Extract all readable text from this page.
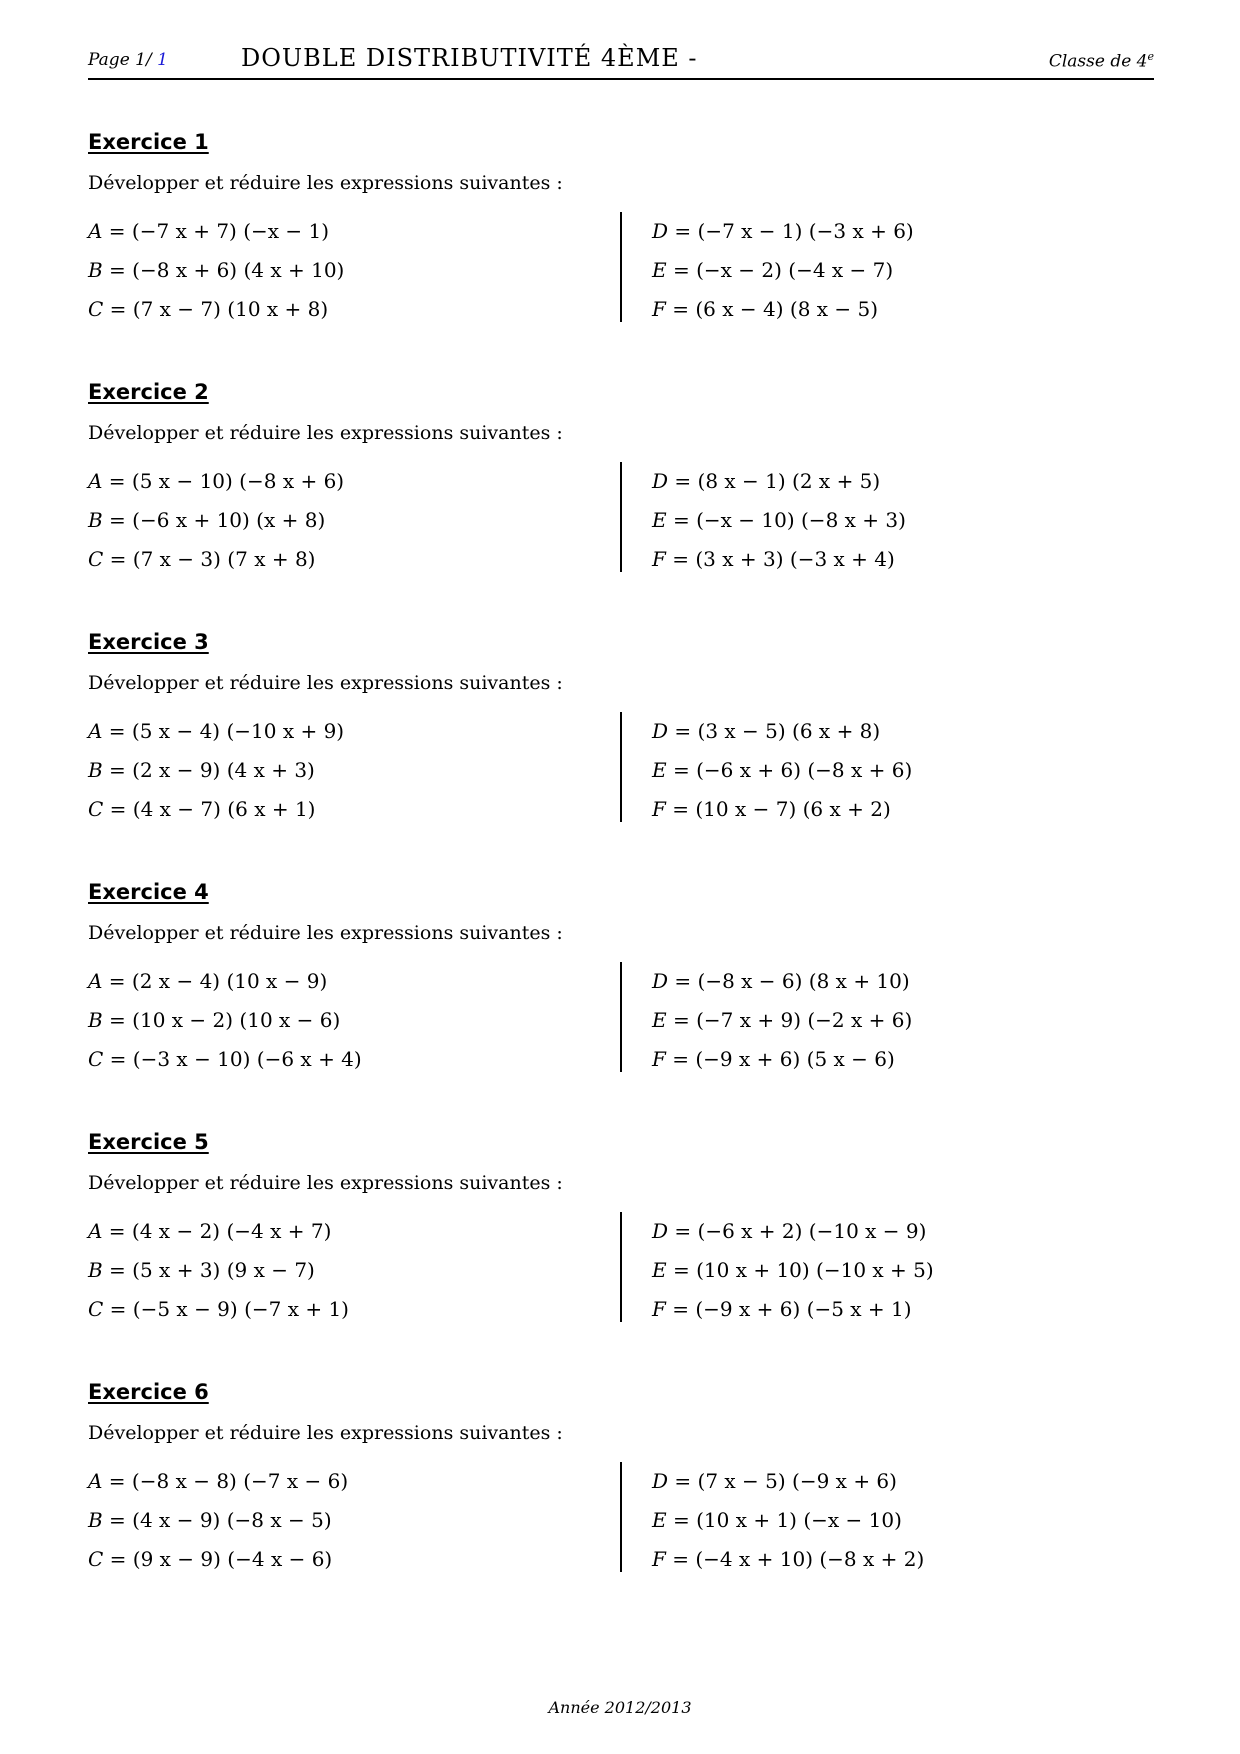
Page 1/ 1	DOUBLE DISTRIBUTIVITÉ 4ÈME -	Classe de 4e
Exercice 1
Développer et réduire les expressions suivantes :
A = (−7 x + 7) (−x − 1)
B = (−8 x + 6) (4 x + 10)
C = (7 x − 7) (10 x + 8)
D = (−7 x − 1) (−3 x + 6)
E = (−x − 2) (−4 x − 7)
F = (6 x − 4) (8 x − 5)
Exercice 2
Développer et réduire les expressions suivantes :
A = (5 x − 10) (−8 x + 6)
B = (−6 x + 10) (x + 8)
C = (7 x − 3) (7 x + 8)
D = (8 x − 1) (2 x + 5)
E = (−x − 10) (−8 x + 3)
F = (3 x + 3) (−3 x + 4)
Exercice 3
Développer et réduire les expressions suivantes :
A = (5 x − 4) (−10 x + 9)
B = (2 x − 9) (4 x + 3)
C = (4 x − 7) (6 x + 1)
D = (3 x − 5) (6 x + 8)
E = (−6 x + 6) (−8 x + 6)
F = (10 x − 7) (6 x + 2)
Exercice 4
Développer et réduire les expressions suivantes :
A = (2 x − 4) (10 x − 9)
B = (10 x − 2) (10 x − 6)
C = (−3 x − 10) (−6 x + 4)
D = (−8 x − 6) (8 x + 10)
E = (−7 x + 9) (−2 x + 6)
F = (−9 x + 6) (5 x − 6)
Exercice 5
Développer et réduire les expressions suivantes :
A = (4 x − 2) (−4 x + 7)
B = (5 x + 3) (9 x − 7)
C = (−5 x − 9) (−7 x + 1)
D = (−6 x + 2) (−10 x − 9)
E = (10 x + 10) (−10 x + 5)
F = (−9 x + 6) (−5 x + 1)
Exercice 6
Développer et réduire les expressions suivantes :
A = (−8 x − 8) (−7 x − 6)
B = (4 x − 9) (−8 x − 5)
C = (9 x − 9) (−4 x − 6)
D = (7 x − 5) (−9 x + 6)
E = (10 x + 1) (−x − 10)
F = (−4 x + 10) (−8 x + 2)
Année 2012/2013
